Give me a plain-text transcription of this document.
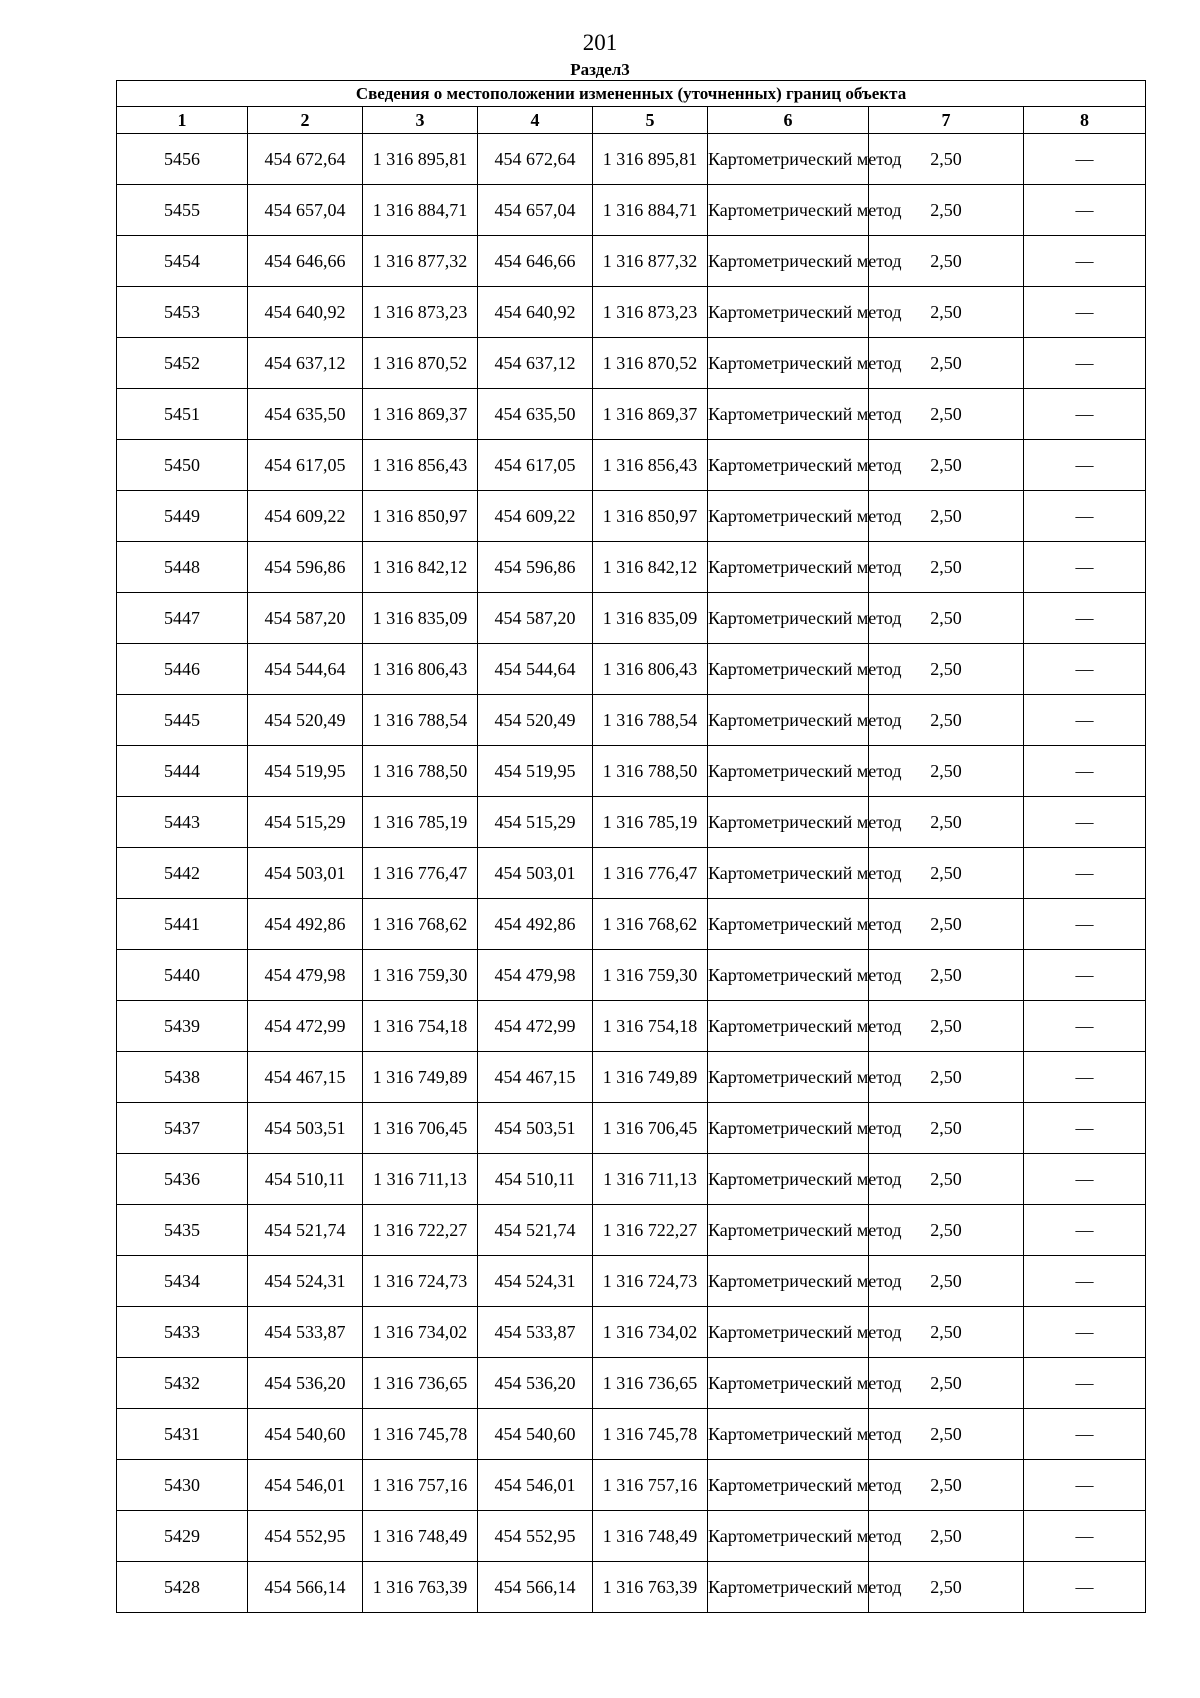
201
Раздел3
Сведения о местоположении измененных (уточненных) границ объекта							
1	2	3	4	5	6	7	8
5456	454 672,64	1 316 895,81	454 672,64	1 316 895,81	Картометрический метод	2,50	—
5455	454 657,04	1 316 884,71	454 657,04	1 316 884,71	Картометрический метод	2,50	—
5454	454 646,66	1 316 877,32	454 646,66	1 316 877,32	Картометрический метод	2,50	—
5453	454 640,92	1 316 873,23	454 640,92	1 316 873,23	Картометрический метод	2,50	—
5452	454 637,12	1 316 870,52	454 637,12	1 316 870,52	Картометрический метод	2,50	—
5451	454 635,50	1 316 869,37	454 635,50	1 316 869,37	Картометрический метод	2,50	—
5450	454 617,05	1 316 856,43	454 617,05	1 316 856,43	Картометрический метод	2,50	—
5449	454 609,22	1 316 850,97	454 609,22	1 316 850,97	Картометрический метод	2,50	—
5448	454 596,86	1 316 842,12	454 596,86	1 316 842,12	Картометрический метод	2,50	—
5447	454 587,20	1 316 835,09	454 587,20	1 316 835,09	Картометрический метод	2,50	—
5446	454 544,64	1 316 806,43	454 544,64	1 316 806,43	Картометрический метод	2,50	—
5445	454 520,49	1 316 788,54	454 520,49	1 316 788,54	Картометрический метод	2,50	—
5444	454 519,95	1 316 788,50	454 519,95	1 316 788,50	Картометрический метод	2,50	—
5443	454 515,29	1 316 785,19	454 515,29	1 316 785,19	Картометрический метод	2,50	—
5442	454 503,01	1 316 776,47	454 503,01	1 316 776,47	Картометрический метод	2,50	—
5441	454 492,86	1 316 768,62	454 492,86	1 316 768,62	Картометрический метод	2,50	—
5440	454 479,98	1 316 759,30	454 479,98	1 316 759,30	Картометрический метод	2,50	—
5439	454 472,99	1 316 754,18	454 472,99	1 316 754,18	Картометрический метод	2,50	—
5438	454 467,15	1 316 749,89	454 467,15	1 316 749,89	Картометрический метод	2,50	—
5437	454 503,51	1 316 706,45	454 503,51	1 316 706,45	Картометрический метод	2,50	—
5436	454 510,11	1 316 711,13	454 510,11	1 316 711,13	Картометрический метод	2,50	—
5435	454 521,74	1 316 722,27	454 521,74	1 316 722,27	Картометрический метод	2,50	—
5434	454 524,31	1 316 724,73	454 524,31	1 316 724,73	Картометрический метод	2,50	—
5433	454 533,87	1 316 734,02	454 533,87	1 316 734,02	Картометрический метод	2,50	—
5432	454 536,20	1 316 736,65	454 536,20	1 316 736,65	Картометрический метод	2,50	—
5431	454 540,60	1 316 745,78	454 540,60	1 316 745,78	Картометрический метод	2,50	—
5430	454 546,01	1 316 757,16	454 546,01	1 316 757,16	Картометрический метод	2,50	—
5429	454 552,95	1 316 748,49	454 552,95	1 316 748,49	Картометрический метод	2,50	—
5428	454 566,14	1 316 763,39	454 566,14	1 316 763,39	Картометрический метод	2,50	—
